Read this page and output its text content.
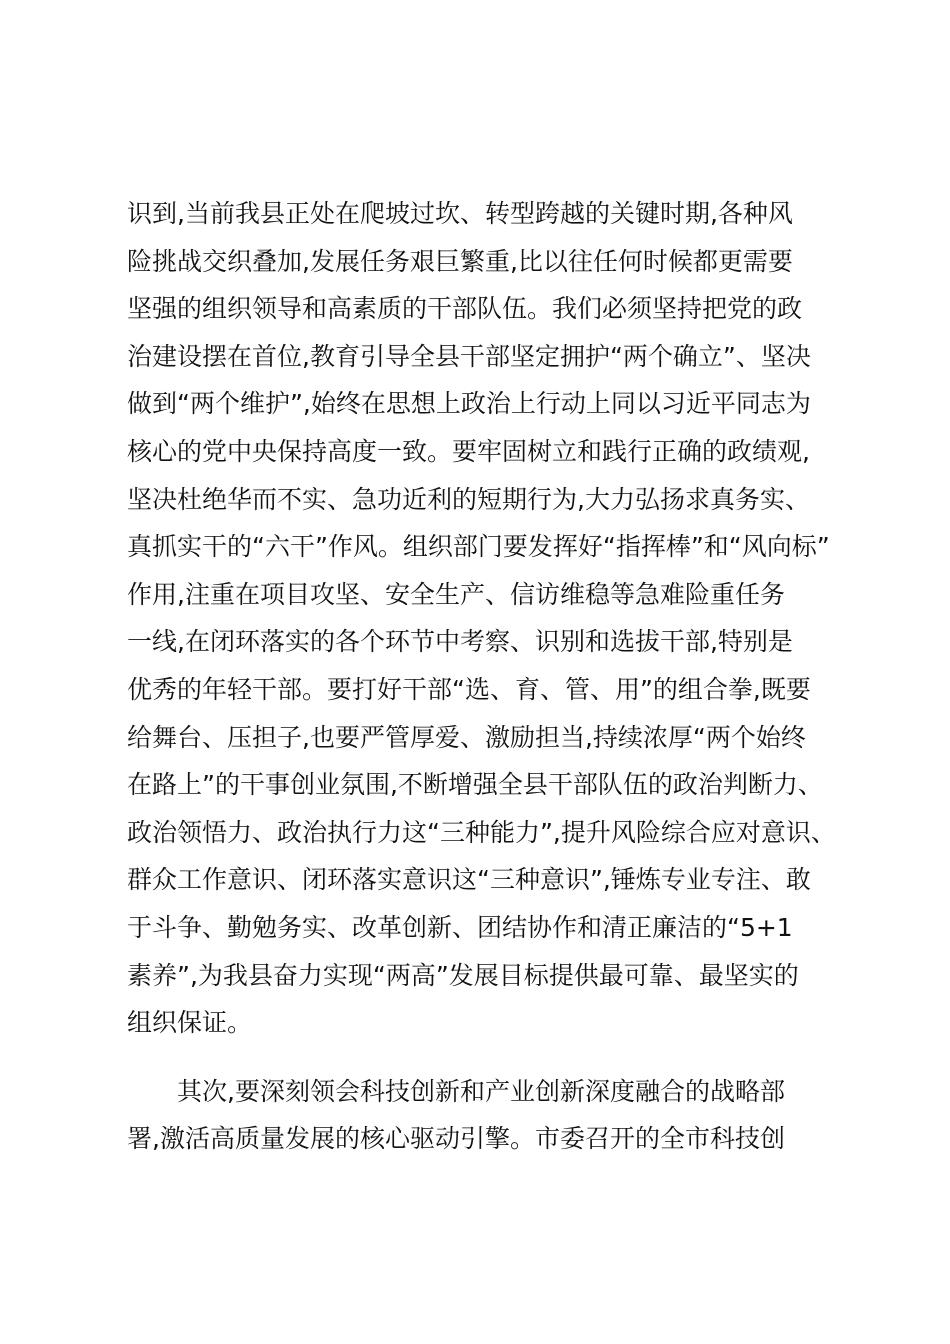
识到,当前我县正处在爬坡过坎、转型跨越的关键时期,各种风
险挑战交织叠加,发展任务艰巨繁重,比以往任何时候都更需要
坚强的组织领导和高素质的干部队伍。我们必须坚持把党的政
治建设摆在首位,教育引导全县干部坚定拥护“两个确立”、坚决
做到“两个维护”,始终在思想上政治上行动上同以习近平同志为
核心的党中央保持高度一致。要牢固树立和践行正确的政绩观,
坚决杜绝华而不实、急功近利的短期行为,大力弘扬求真务实、
真抓实干的“六干”作风。组织部门要发挥好“指挥棒”和“风向标”
作用,注重在项目攻坚、安全生产、信访维稳等急难险重任务
一线,在闭环落实的各个环节中考察、识别和选拔干部,特别是
优秀的年轻干部。要打好干部“选、育、管、用”的组合拳,既要
给舞台、压担子,也要严管厚爱、激励担当,持续浓厚“两个始终
在路上”的干事创业氛围,不断增强全县干部队伍的政治判断力、
政治领悟力、政治执行力这“三种能力”,提升风险综合应对意识、
群众工作意识、闭环落实意识这“三种意识”,锤炼专业专注、敢
于斗争、勤勉务实、改革创新、团结协作和清正廉洁的“5+1
素养”,为我县奋力实现“两高”发展目标提供最可靠、最坚实的
组织保证。
其次,要深刻领会科技创新和产业创新深度融合的战略部
署,激活高质量发展的核心驱动引擎。市委召开的全市科技创
